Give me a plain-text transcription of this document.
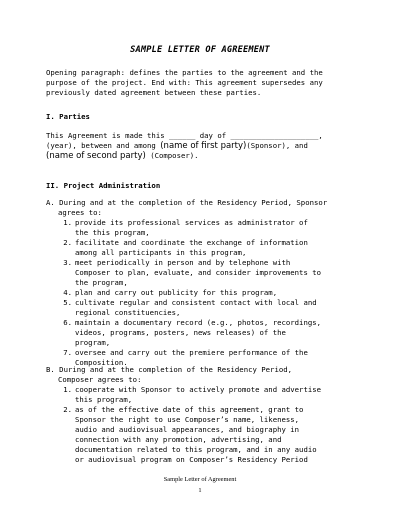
SAMPLE LETTER OF AGREEMENT
Opening paragraph: defines the parties to the agreement and the
purpose of the project. End with: This agreement supersedes any
previously dated agreement between these parties.
I. Parties
This Agreement is made this ______ day of ____________________,
(year), between and among (name of first party)(Sponsor), and
(name of second party) (Composer).
II. Project Administration
A. During and at the completion of the Residency Period, Sponsor
agrees to:
1. provide its professional services as administrator of
the this program,
2. facilitate and coordinate the exchange of information
among all participants in this program,
3. meet periodically in person and by telephone with
Composer to plan, evaluate, and consider improvements to
the program,
4. plan and carry out publicity for this program,
5. cultivate regular and consistent contact with local and
regional constituencies,
6. maintain a documentary record (e.g., photos, recordings,
videos, programs, posters, news releases) of the
program,
7. oversee and carry out the premiere performance of the
Composition.
B. During and at the completion of the Residency Period,
Composer agrees to:
1. cooperate with Sponsor to actively promote and advertise
this program,
2. as of the effective date of this agreement, grant to
Sponsor the right to use Composer’s name, likeness,
audio and audiovisual appearances, and biography in
connection with any promotion, advertising, and
documentation related to this program, and in any audio
or audiovisual program on Composer’s Residency Period
Sample Letter of Agreement
1
